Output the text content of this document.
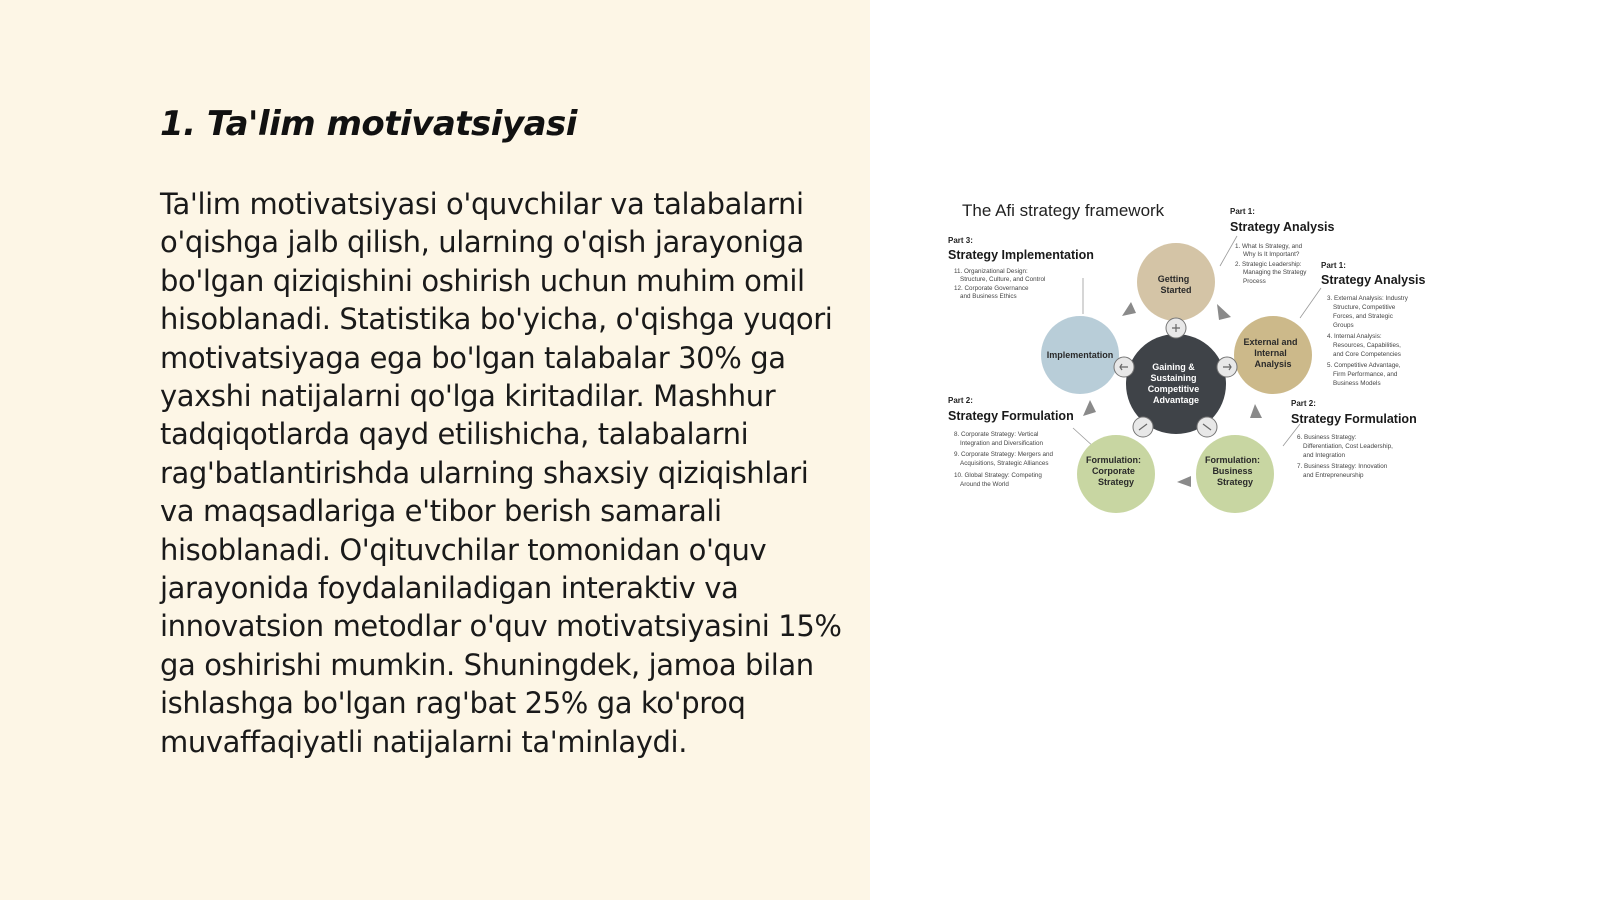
1. Ta'lim motivatsiyasi

Ta'lim motivatsiyasi o'quvchilar va talabalarni o'qishga jalb qilish, ularning o'qish jarayoniga bo'lgan qiziqishini oshirish uchun muhim omil hisoblanadi. Statistika bo'yicha, o'qishga yuqori motivatsiyaga ega bo'lgan talabalar 30% ga yaxshi natijalarni qo'lga kiritadilar. Mashhur tadqiqotlarda qayd etilishicha, talabalarni rag'batlantirishda ularning shaxsiy qiziqishlari va maqsadlariga e'tibor berish samarali hisoblanadi. O'qituvchilar tomonidan o'quv jarayonida foydalaniladigan interaktiv va innovatsion metodlar o'quv motivatsiyasini 15% ga oshirishi mumkin. Shuningdek, jamoa bilan ishlashga bo'lgan rag'bat 25% ga ko'proq muvaffaqiyatli natijalarni ta'minlaydi.

The Afi strategy framework
Getting Started
External and Internal Analysis
Formulation: Business Strategy
Formulation: Corporate Strategy
Implementation
Gaining & Sustaining Competitive Advantage
Part 3:
Strategy Implementation
11. Organizational Design:
Structure, Culture, and Control
12. Corporate Governance
and Business Ethics
Part 1:
Strategy Analysis
1. What Is Strategy, and
Why Is It Important?
2. Strategic Leadership:
Managing the Strategy
Process
Part 1:
Strategy Analysis
3. External Analysis: Industry
Structure, Competitive
Forces, and Strategic
Groups
4. Internal Analysis:
Resources, Capabilities,
and Core Competencies
5. Competitive Advantage,
Firm Performance, and
Business Models
Part 2:
Strategy Formulation
6. Business Strategy:
Differentiation, Cost Leadership,
and Integration
7. Business Strategy: Innovation
and Entrepreneurship
Part 2:
Strategy Formulation
8. Corporate Strategy: Vertical
Integration and Diversification
9. Corporate Strategy: Mergers and
Acquisitions, Strategic Alliances
10. Global Strategy: Competing
Around the World
